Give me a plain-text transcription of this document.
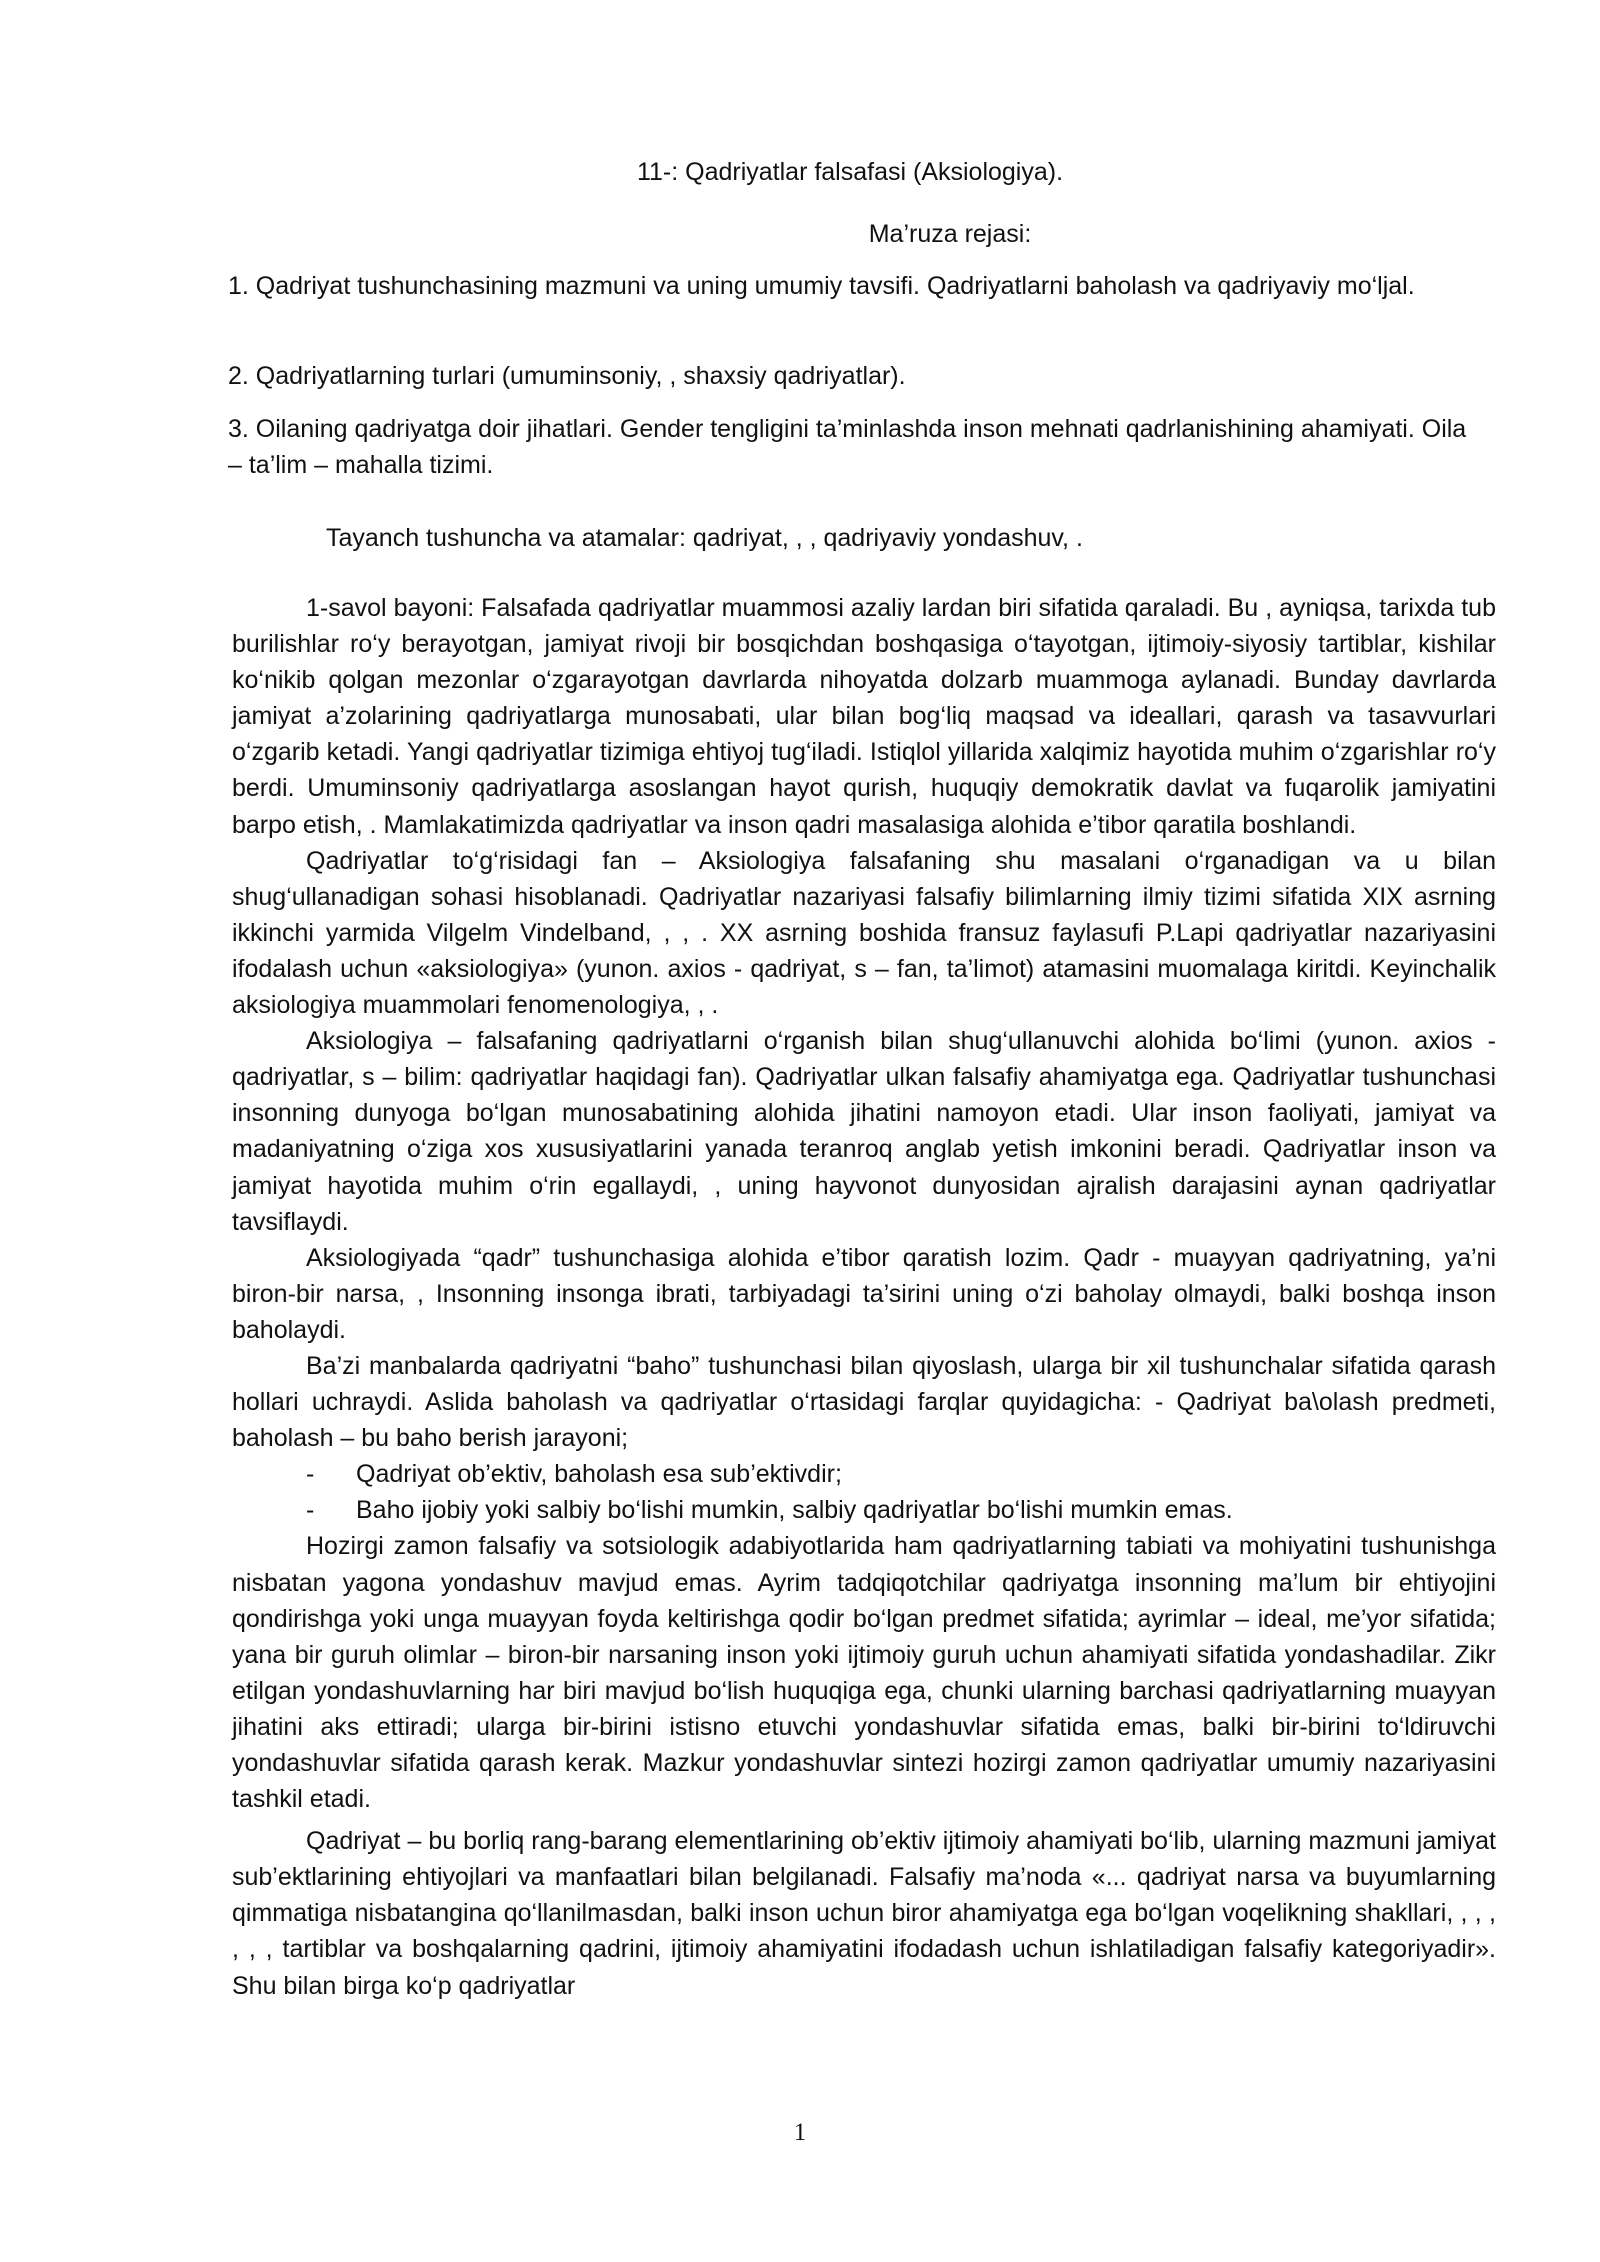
11-: Qadriyatlar falsafasi (Aksiologiya).
Ma’ruza rejasi:
1. Qadriyat tushunchasining mazmuni va uning umumiy tavsifi. Qadriyatlarni baholash va qadriyaviy mo‘ljal.
2. Qadriyatlarning turlari (umuminsoniy, , shaxsiy qadriyatlar).
3. Oilaning qadriyatga doir jihatlari. Gender tengligini ta’minlashda inson mehnati qadrlanishining ahamiyati. Oila – ta’lim – mahalla tizimi.
Tayanch tushuncha va atamalar: qadriyat, , , qadriyaviy yondashuv, .

1-savol bayoni: Falsafada qadriyatlar muammosi azaliy lardan biri sifatida qaraladi. Bu , ayniqsa, tarixda tub burilishlar ro‘y berayotgan, jamiyat rivoji bir bosqichdan boshqasiga o‘tayotgan, ijtimoiy-siyosiy tartiblar, kishilar ko‘nikib qolgan mezonlar o‘zgarayotgan davrlarda nihoyatda dolzarb muammoga aylanadi. Bunday davrlarda jamiyat a’zolarining qadriyatlarga munosabati, ular bilan bog‘liq maqsad va ideallari, qarash va tasavvurlari o‘zgarib ketadi. Yangi qadriyatlar tizimiga ehtiyoj tug‘iladi. Istiqlol yillarida xalqimiz hayotida muhim o‘zgarishlar ro‘y berdi. Umuminsoniy qadriyatlarga asoslangan hayot qurish, huquqiy demokratik davlat va fuqarolik jamiyatini barpo etish, . Mamlakatimizda qadriyatlar va inson qadri masalasiga alohida e’tibor qaratila boshlandi.

Qadriyatlar to‘g‘risidagi fan – Aksiologiya falsafaning shu masalani o‘rganadigan va u bilan shug‘ullanadigan sohasi hisoblanadi. Qadriyatlar nazariyasi falsafiy bilimlarning ilmiy tizimi sifatida XIX asrning ikkinchi yarmida Vilgelm Vindelband, , , . XX asrning boshida fransuz faylasufi P.Lapi qadriyatlar nazariyasini ifodalash uchun «aksiologiya» (yunon. axios - qadriyat, s – fan, ta’limot) atamasini muomalaga kiritdi. Keyinchalik aksiologiya muammolari fenomenologiya, , .

Aksiologiya – falsafaning qadriyatlarni o‘rganish bilan shug‘ullanuvchi alohida bo‘limi (yunon. axios - qadriyatlar, s – bilim: qadriyatlar haqidagi fan). Qadriyatlar ulkan falsafiy ahamiyatga ega. Qadriyatlar tushunchasi insonning dunyoga bo‘lgan munosabatining alohida jihatini namoyon etadi. Ular inson faoliyati, jamiyat va madaniyatning o‘ziga xos xususiyatlarini yanada teranroq anglab yetish imkonini beradi. Qadriyatlar inson va jamiyat hayotida muhim o‘rin egallaydi, , uning hayvonot dunyosidan ajralish darajasini aynan qadriyatlar tavsiflaydi.

Aksiologiyada “qadr” tushunchasiga alohida e’tibor qaratish lozim. Qadr - muayyan qadriyatning, ya’ni biron-bir narsa, , Insonning insonga ibrati, tarbiyadagi ta’sirini uning o‘zi baholay olmaydi, balki boshqa inson baholaydi.

Ba’zi manbalarda qadriyatni “baho” tushunchasi bilan qiyoslash, ularga bir xil tushunchalar sifatida qarash hollari uchraydi. Aslida baholash va qadriyatlar o‘rtasidagi farqlar quyidagicha: - Qadriyat ba\olash predmeti, baholash – bu baho berish jarayoni;

- Qadriyat ob’ektiv, baholash esa sub’ektivdir;
- Baho ijobiy yoki salbiy bo‘lishi mumkin, salbiy qadriyatlar bo‘lishi mumkin emas.

Hozirgi zamon falsafiy va sotsiologik adabiyotlarida ham qadriyatlarning tabiati va mohiyatini tushunishga nisbatan yagona yondashuv mavjud emas. Ayrim tadqiqotchilar qadriyatga insonning ma’lum bir ehtiyojini qondirishga yoki unga muayyan foyda keltirishga qodir bo‘lgan predmet sifatida; ayrimlar – ideal, me’yor sifatida; yana bir guruh olimlar – biron-bir narsaning inson yoki ijtimoiy guruh uchun ahamiyati sifatida yondashadilar. Zikr etilgan yondashuvlarning har biri mavjud bo‘lish huquqiga ega, chunki ularning barchasi qadriyatlarning muayyan jihatini aks ettiradi; ularga bir-birini istisno etuvchi yondashuvlar sifatida emas, balki bir-birini to‘ldiruvchi yondashuvlar sifatida qarash kerak. Mazkur yondashuvlar sintezi hozirgi zamon qadriyatlar umumiy nazariyasini tashkil etadi.

Qadriyat – bu borliq rang-barang elementlarining ob’ektiv ijtimoiy ahamiyati bo‘lib, ularning mazmuni jamiyat sub’ektlarining ehtiyojlari va manfaatlari bilan belgilanadi. Falsafiy ma’noda «... qadriyat narsa va buyumlarning qimmatiga nisbatangina qo‘llanilmasdan, balki inson uchun biror ahamiyatga ega bo‘lgan voqelikning shakllari, , , , , , , tartiblar va boshqalarning qadrini, ijtimoiy ahamiyatini ifodadash uchun ishlatiladigan falsafiy kategoriyadir». Shu bilan birga ko‘p qadriyatlar

1
